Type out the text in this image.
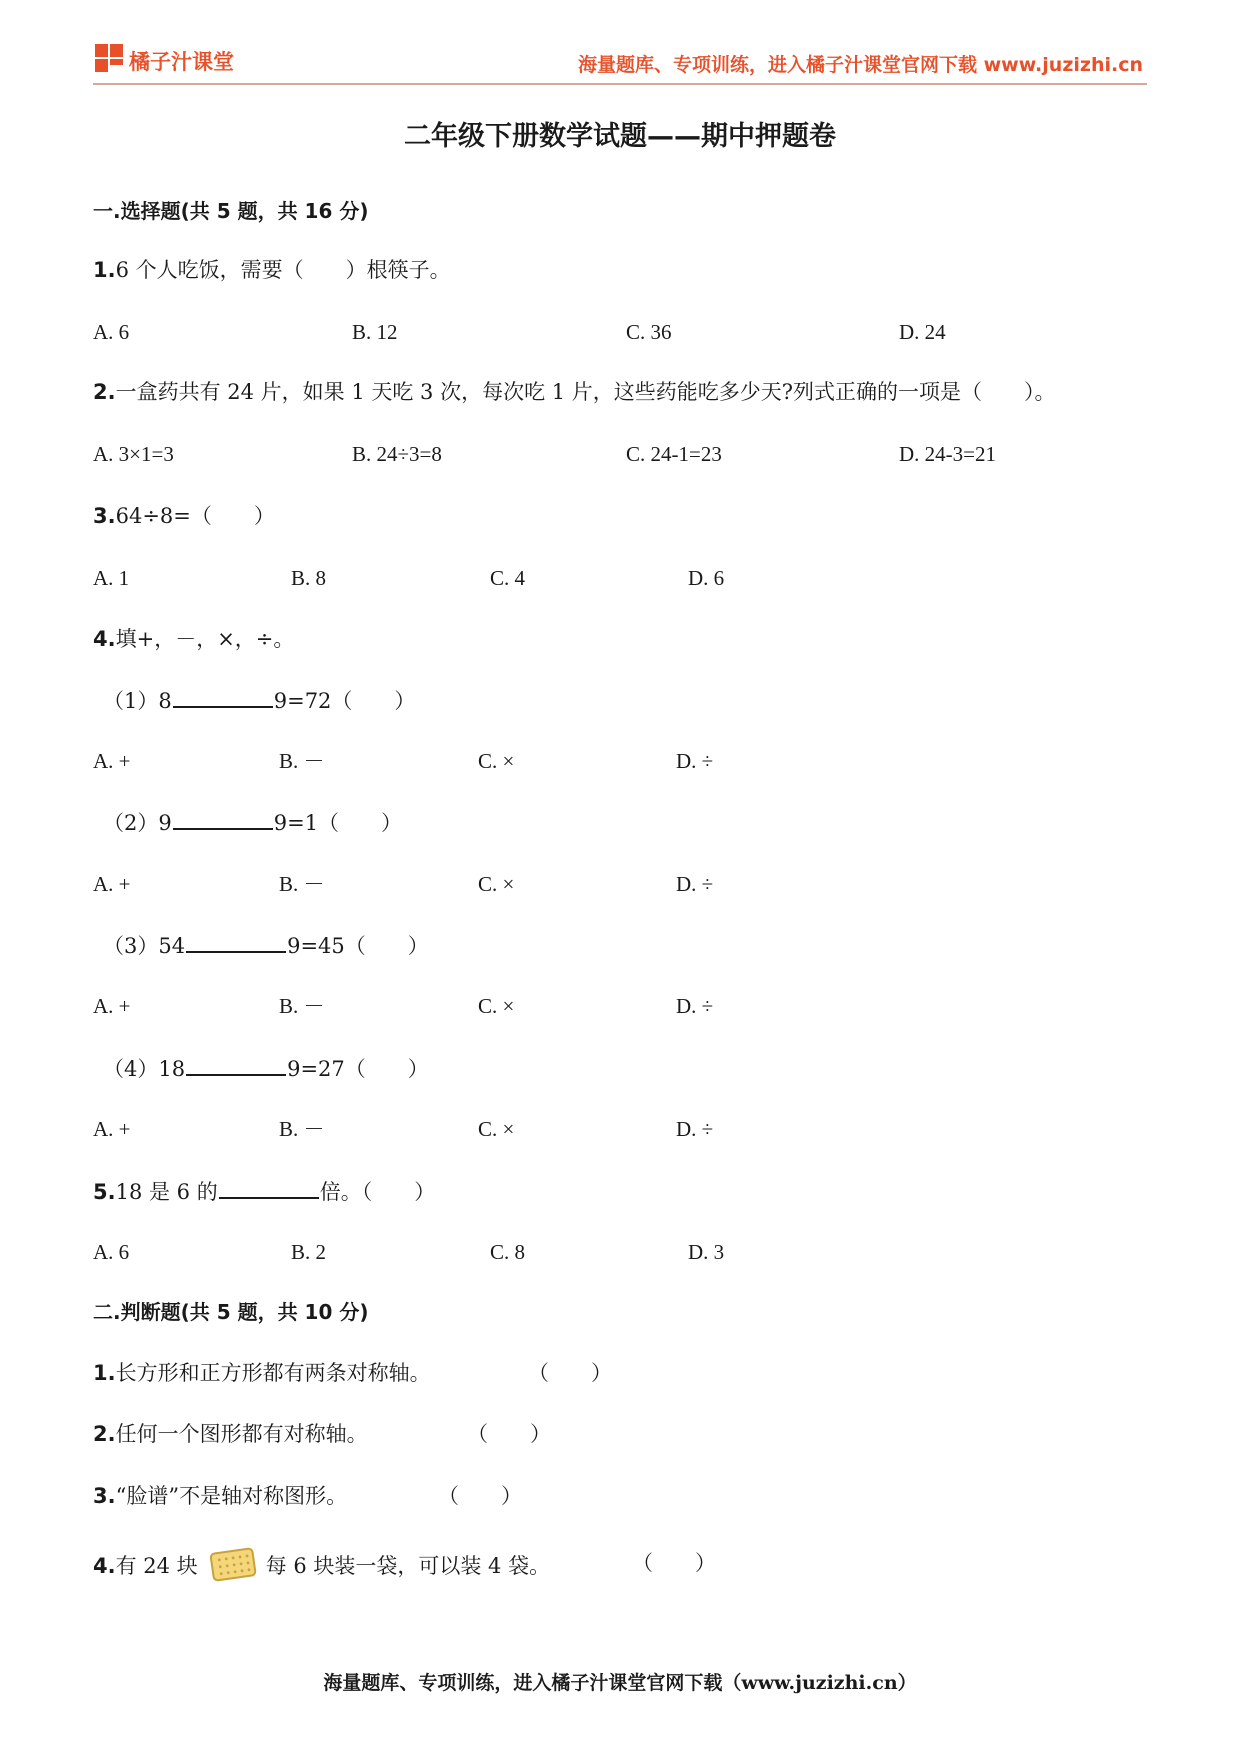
橘子汁课堂	海量题库、专项训练，进入橘子汁课堂官网下载 www.juzizhi.cn
二年级下册数学试题——期中押题卷
一.选择题(共 5 题，共 16 分)
1.6 个人吃饭，需要（　　）根筷子。
A. 6	B. 12	C. 36	D. 24
2.一盒药共有 24 片，如果 1 天吃 3 次，每次吃 1 片，这些药能吃多少天?列式正确的一项是（　　）。
A. 3×1=3	B. 24÷3=8	C. 24-1=23	D. 24-3=21
3.64÷8=（　　）
A. 1	B. 8	C. 4	D. 6
4.填+，－，×，÷。
（1）8	9=72（　　）
A. +	B. －	C. ×	D. ÷
（2）9	9=1（　　）
A. +	B. －	C. ×	D. ÷
（3）54	9=45（　　）
A. +	B. －	C. ×	D. ÷
（4）18	9=27（　　）
A. +	B. －	C. ×	D. ÷
5.18 是 6 的	倍。（　　）
A. 6	B. 2	C. 8	D. 3
二.判断题(共 5 题，共 10 分)
1.长方形和正方形都有两条对称轴。	（　　）
2.任何一个图形都有对称轴。	（　　）
3.“脸谱”不是轴对称图形。	（　　）
4.有 24 块	每 6 块装一袋，可以装 4 袋。	（　　）
海量题库、专项训练，进入橘子汁课堂官网下载（www.juzizhi.cn）
